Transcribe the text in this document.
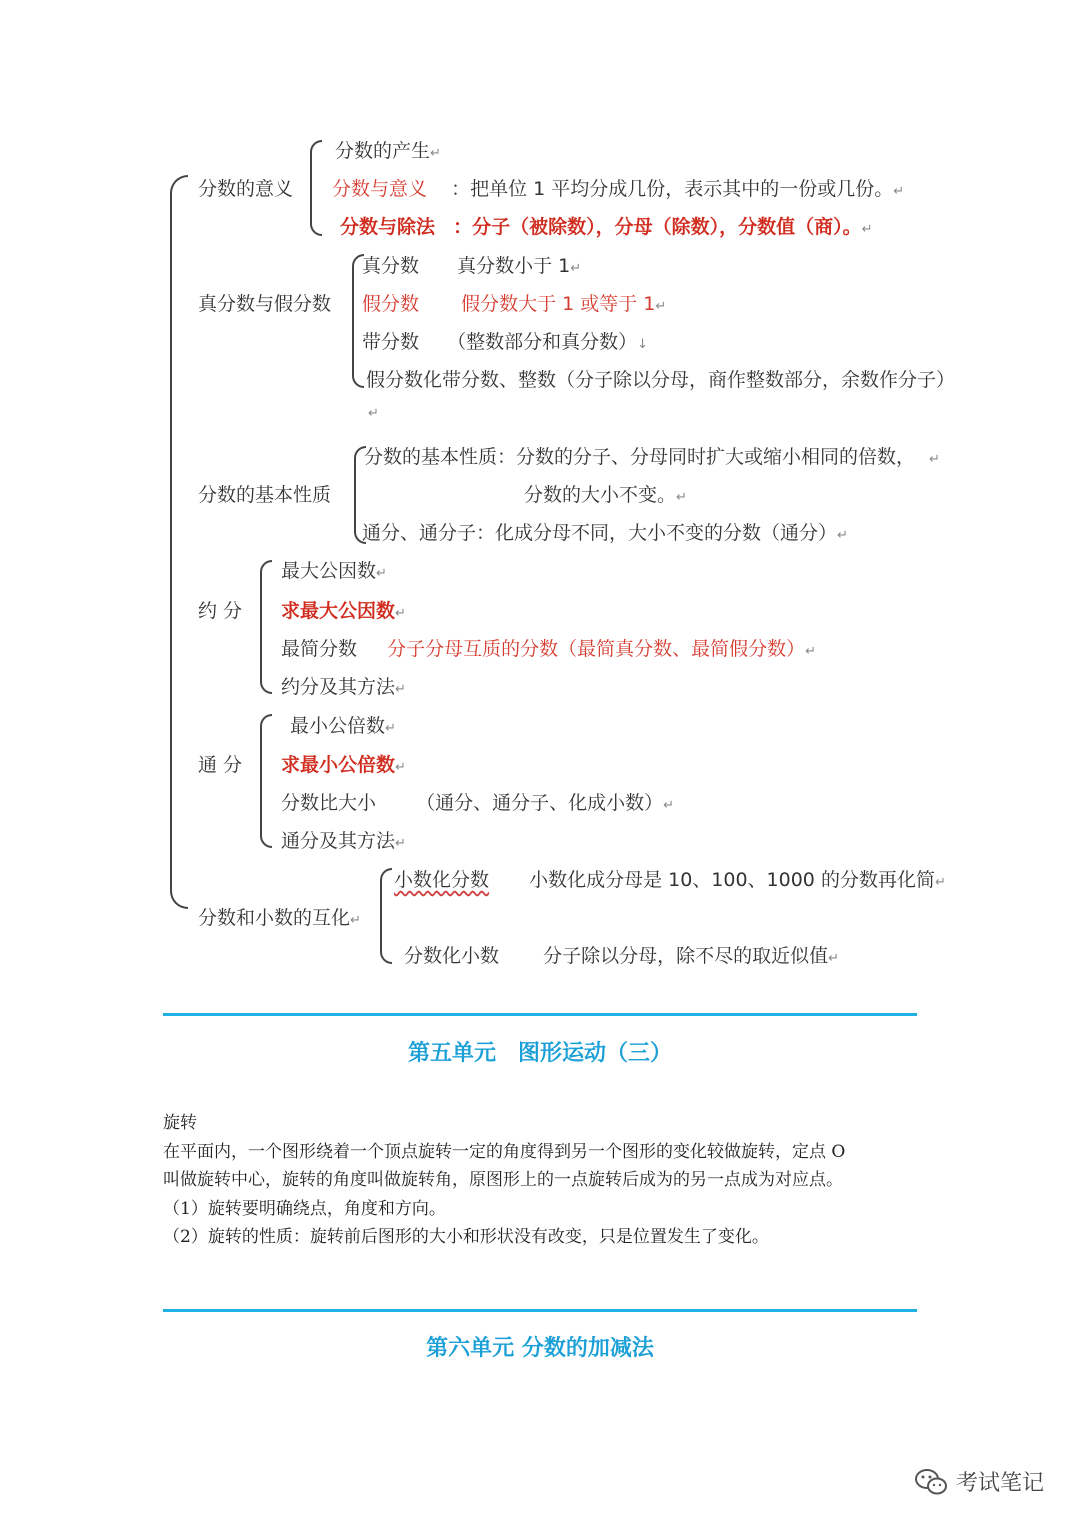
分数的意义
分数的产生↵
分数与意义 ：把单位 1 平均分成几份，表示其中的一份或几份。↵
分数与除法 ：分子（被除数），分母（除数），分数值（商）。↵
真分数与假分数
真分数 真分数小于 1↵
假分数 假分数大于 1 或等于 1↵
带分数 （整数部分和真分数）↓
假分数化带分数、整数（分子除以分母，商作整数部分，余数作分子）
↵
分数的基本性质
分数的基本性质：分数的分子、分母同时扩大或缩小相同的倍数， ↵
分数的大小不变。↵
通分、通分子：化成分母不同，大小不变的分数（通分）↵
约 分
最大公因数↵
求最大公因数↵
最简分数 分子分母互质的分数（最简真分数、最简假分数）↵
约分及其方法↵
通 分
最小公倍数↵
求最小公倍数↵
分数比大小 （通分、通分子、化成小数）↵
通分及其方法↵
分数和小数的互化↵
小数化分数 小数化成分母是 10、100、1000 的分数再化简↵
分数化小数 分子除以分母，除不尽的取近似值↵
第五单元　图形运动（三）
旋转
在平面内，一个图形绕着一个顶点旋转一定的角度得到另一个图形的变化较做旋转，定点 O
叫做旋转中心，旋转的角度叫做旋转角，原图形上的一点旋转后成为的另一点成为对应点。
（1）旋转要明确绕点，角度和方向。
（2）旋转的性质：旋转前后图形的大小和形状没有改变，只是位置发生了变化。
第六单元 分数的加减法
考试笔记
